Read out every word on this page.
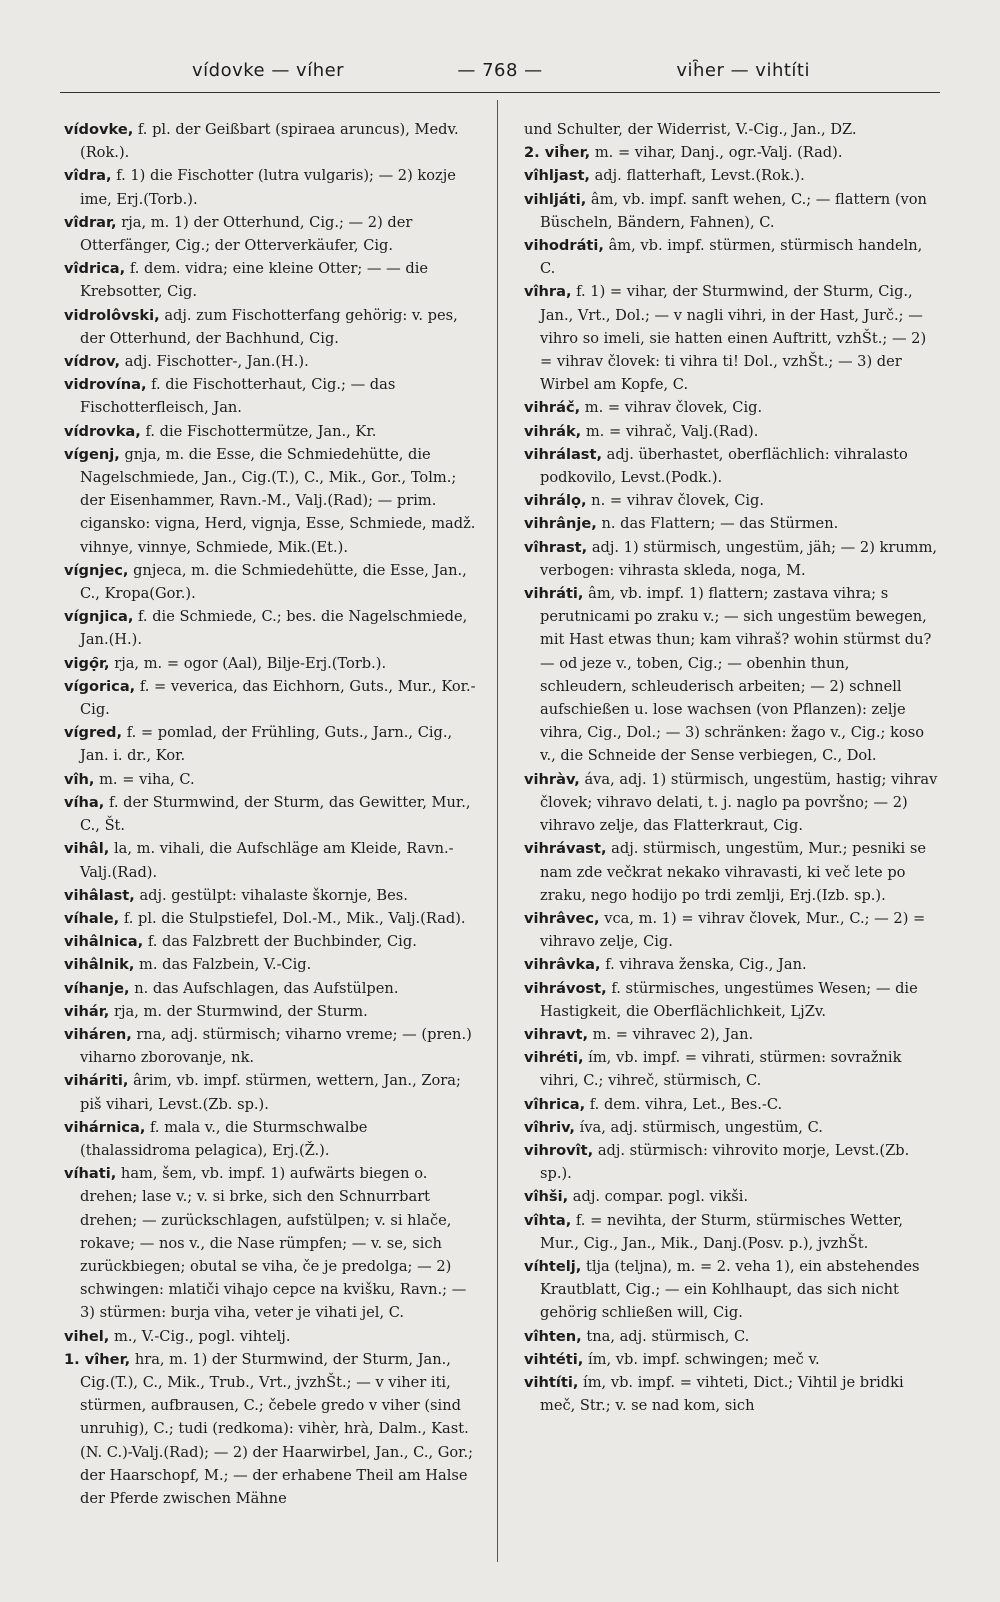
vídovke — víher	— 768 —	vih̑er — vihtíti

vídovke, f. pl. der Geißbart (spiraea aruncus), Medv.(Rok.).

vîdra, f. 1) die Fischotter (lutra vulgaris); — 2) kozje ime, Erj.(Torb.).

vîdrar, rja, m. 1) der Otterhund, Cig.; — 2) der Otterfänger, Cig.; der Otterverkäufer, Cig.

vîdrica, f. dem. vidra; eine kleine Otter; — — die Krebsotter, Cig.

vidrolôvski, adj. zum Fischotterfang gehörig: v. pes, der Otterhund, der Bachhund, Cig.

vídrov, adj. Fischotter-, Jan.(H.).

vidrovína, f. die Fischotterhaut, Cig.; — das Fischotterfleisch, Jan.

vídrovka, f. die Fischottermütze, Jan., Kr.

vígenj, gnja, m. die Esse, die Schmiedehütte, die Nagelschmiede, Jan., Cig.(T.), C., Mik., Gor., Tolm.; der Eisenhammer, Ravn.-M., Valj.(Rad); — prim. cigansko: vigna, Herd, vignja, Esse, Schmiede, madž. vihnye, vinnye, Schmiede, Mik.(Et.).

vígnjec, gnjeca, m. die Schmiedehütte, die Esse, Jan., C., Kropa(Gor.).

vígnjica, f. die Schmiede, C.; bes. die Nagelschmiede, Jan.(H.).

vigọ̑r, rja, m. = ogor (Aal), Bilje-Erj.(Torb.).

vígorica, f. = veverica, das Eichhorn, Guts., Mur., Kor.-Cig.

vígred, f. = pomlad, der Frühling, Guts., Jarn., Cig., Jan. i. dr., Kor.

vîh, m. = viha, C.

víha, f. der Sturmwind, der Sturm, das Gewitter, Mur., C., Št.

vihâl, la, m. vihali, die Aufschläge am Kleide, Ravn.-Valj.(Rad).

vihâlast, adj. gestülpt: vihalaste škornje, Bes.

víhale, f. pl. die Stulpstiefel, Dol.-M., Mik., Valj.(Rad).

vihâlnica, f. das Falzbrett der Buchbinder, Cig.

vihâlnik, m. das Falzbein, V.-Cig.

víhanje, n. das Aufschlagen, das Aufstülpen.

vihár, rja, m. der Sturmwind, der Sturm.

viháren, rna, adj. stürmisch; viharno vreme; — (pren.) viharno zborovanje, nk.

viháriti, ârim, vb. impf. stürmen, wettern, Jan., Zora; piš vihari, Levst.(Zb. sp.).

vihárnica, f. mala v., die Sturmschwalbe (thalassidroma pelagica), Erj.(Ž.).

víhati, ham, šem, vb. impf. 1) aufwärts biegen o. drehen; lase v.; v. si brke, sich den Schnurrbart drehen; — zurückschlagen, aufstülpen; v. si hlače, rokave; — nos v., die Nase rümpfen; — v. se, sich zurückbiegen; obutal se viha, če je predolga; — 2) schwingen: mlatiči vihajo cepce na kvišku, Ravn.; — 3) stürmen: burja viha, veter je vihati jel, C.

vihel, m., V.-Cig., pogl. vihtelj.

1. vîher, hra, m. 1) der Sturmwind, der Sturm, Jan., Cig.(T.), C., Mik., Trub., Vrt., jvzhŠt.; — v viher iti, stürmen, aufbrausen, C.; čebele gredo v viher (sind unruhig), C.; tudi (redkoma): vihèr, hrà, Dalm., Kast.(N. C.)-Valj.(Rad); — 2) der Haarwirbel, Jan., C., Gor.; der Haarschopf, M.; — der erhabene Theil am Halse der Pferde zwischen Mähne

und Schulter, der Widerrist, V.-Cig., Jan., DZ.

2. vih̑er, m. = vihar, Danj., ogr.-Valj. (Rad).

vîhljast, adj. flatterhaft, Levst.(Rok.).

vihljáti, âm, vb. impf. sanft wehen, C.; — flattern (von Büscheln, Bändern, Fahnen), C.

vihodráti, âm, vb. impf. stürmen, stürmisch handeln, C.

vîhra, f. 1) = vihar, der Sturmwind, der Sturm, Cig., Jan., Vrt., Dol.; — v nagli vihri, in der Hast, Jurč.; — vihro so imeli, sie hatten einen Auftritt, vzhŠt.; — 2) = vihrav človek: ti vihra ti! Dol., vzhŠt.; — 3) der Wirbel am Kopfe, C.

vihráč, m. = vihrav človek, Cig.

vihrák, m. = vihrač, Valj.(Rad).

vihrálast, adj. überhastet, oberflächlich: vihralasto podkovilo, Levst.(Podk.).

vihrálọ, n. = vihrav človek, Cig.

vihrânje, n. das Flattern; — das Stürmen.

vîhrast, adj. 1) stürmisch, ungestüm, jäh; — 2) krumm, verbogen: vihrasta skleda, noga, M.

vihráti, âm, vb. impf. 1) flattern; zastava vihra; s perutnicami po zraku v.; — sich ungestüm bewegen, mit Hast etwas thun; kam vihraš? wohin stürmst du? — od jeze v., toben, Cig.; — obenhin thun, schleudern, schleuderisch arbeiten; — 2) schnell aufschießen u. lose wachsen (von Pflanzen): zelje vihra, Cig., Dol.; — 3) schränken: žago v., Cig.; koso v., die Schneide der Sense verbiegen, C., Dol.

vihràv, áva, adj. 1) stürmisch, ungestüm, hastig; vihrav človek; vihravo delati, t. j. naglo pa površno; — 2) vihravo zelje, das Flatterkraut, Cig.

vihrávast, adj. stürmisch, ungestüm, Mur.; pesniki se nam zde večkrat nekako vihravasti, ki več lete po zraku, nego hodijo po trdi zemlji, Erj.(Izb. sp.).

vihrâvec, vca, m. 1) = vihrav človek, Mur., C.; — 2) = vihravo zelje, Cig.

vihrâvka, f. vihrava ženska, Cig., Jan.

vihrávost, f. stürmisches, ungestümes Wesen; — die Hastigkeit, die Oberflächlichkeit, LjZv.

vihravt, m. = vihravec 2), Jan.

vihréti, ím, vb. impf. = vihrati, stürmen: sovražnik vihri, C.; vihreč, stürmisch, C.

vîhrica, f. dem. vihra, Let., Bes.-C.

vîhriv, íva, adj. stürmisch, ungestüm, C.

vihrovît, adj. stürmisch: vihrovito morje, Levst.(Zb. sp.).

vîhši, adj. compar. pogl. vikši.

vîhta, f. = nevihta, der Sturm, stürmisches Wetter, Mur., Cig., Jan., Mik., Danj.(Posv. p.), jvzhŠt.

víhtelj, tlja (teljna), m. = 2. veha 1), ein abstehendes Krautblatt, Cig.; — ein Kohlhaupt, das sich nicht gehörig schließen will, Cig.

vîhten, tna, adj. stürmisch, C.

vihtéti, ím, vb. impf. schwingen; meč v.

vihtíti, ím, vb. impf. = vihteti, Dict.; Vihtil je bridki meč, Str.; v. se nad kom, sich
